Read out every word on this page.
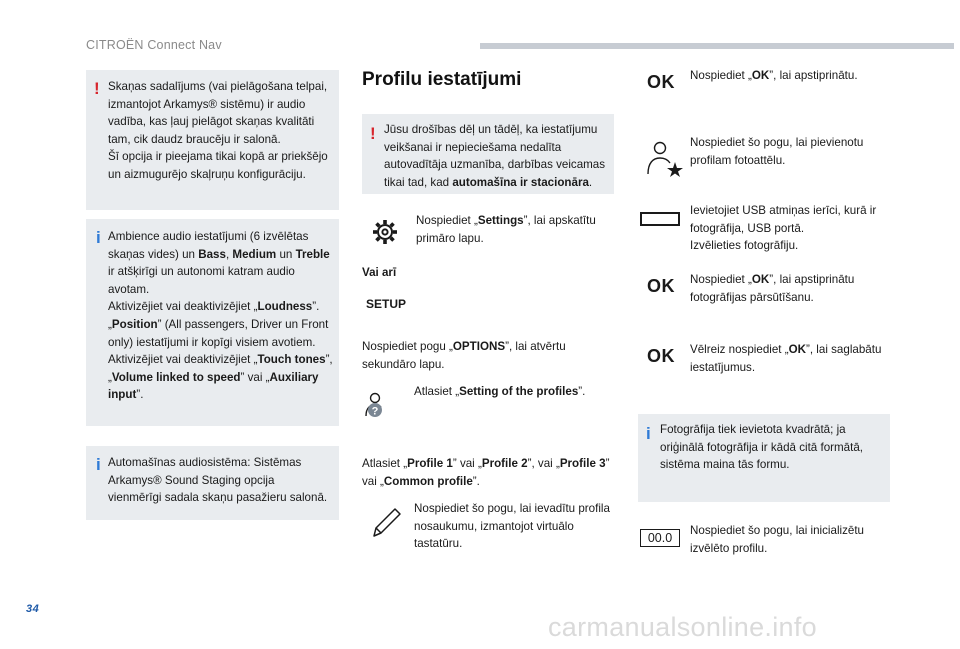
CITROËN Connect Nav
! Skaņas sadalījums (vai pielāgošana telpai, izmantojot Arkamys® sistēmu) ir audio vadība, kas ļauj pielāgot skaņas kvalitāti tam, cik daudz braucēju ir salonā.
Šī opcija ir pieejama tikai kopā ar priekšējo un aizmugurējo skaļruņu konfigurāciju.
i Ambience audio iestatījumi (6 izvēlētas skaņas vides) un Bass, Medium un Treble ir atšķirīgi un autonomi katram audio avotam.
Aktivizējiet vai deaktivizējiet „Loudness”.
„Position” (All passengers, Driver un Front only) iestatījumi ir kopīgi visiem avotiem.
Aktivizējiet vai deaktivizējiet „Touch tones”, „Volume linked to speed” vai „Auxiliary input”.
i Automašīnas audiosistēma: Sistēmas Arkamys® Sound Staging opcija vienmērīgi sadala skaņu pasažieru salonā.
Profilu iestatījumi
! Jūsu drošības dēļ un tādēļ, ka iestatījumu veikšanai ir nepieciešama nedalīta autovadītāja uzmanība, darbības veicamas tikai tad, kad automašīna ir stacionāra.
Nospiediet „Settings”, lai apskatītu primāro lapu.
Vai arī
SETUP
Nospiediet pogu „OPTIONS”, lai atvērtu sekundāro lapu.
?
Atlasiet „Setting of the profiles”.
Atlasiet „Profile 1” vai „Profile 2”, vai „Profile 3” vai „Common profile”.
Nospiediet šo pogu, lai ievadītu profila nosaukumu, izmantojot virtuālo tastatūru.
OK Nospiediet „OK”, lai apstiprinātu.
Nospiediet šo pogu, lai pievienotu profilam fotoattēlu.
Ievietojiet USB atmiņas ierīci, kurā ir fotogrāfija, USB portā.
Izvēlieties fotogrāfiju.
OK Nospiediet „OK”, lai apstiprinātu fotogrāfijas pārsūtīšanu.
OK Vēlreiz nospiediet „OK”, lai saglabātu iestatījumus.
i Fotogrāfija tiek ievietota kvadrātā; ja oriģinālā fotogrāfija ir kādā citā formātā, sistēma maina tās formu.
00.0
Nospiediet šo pogu, lai inicializētu izvēlēto profilu.
34
carmanualsonline.info
